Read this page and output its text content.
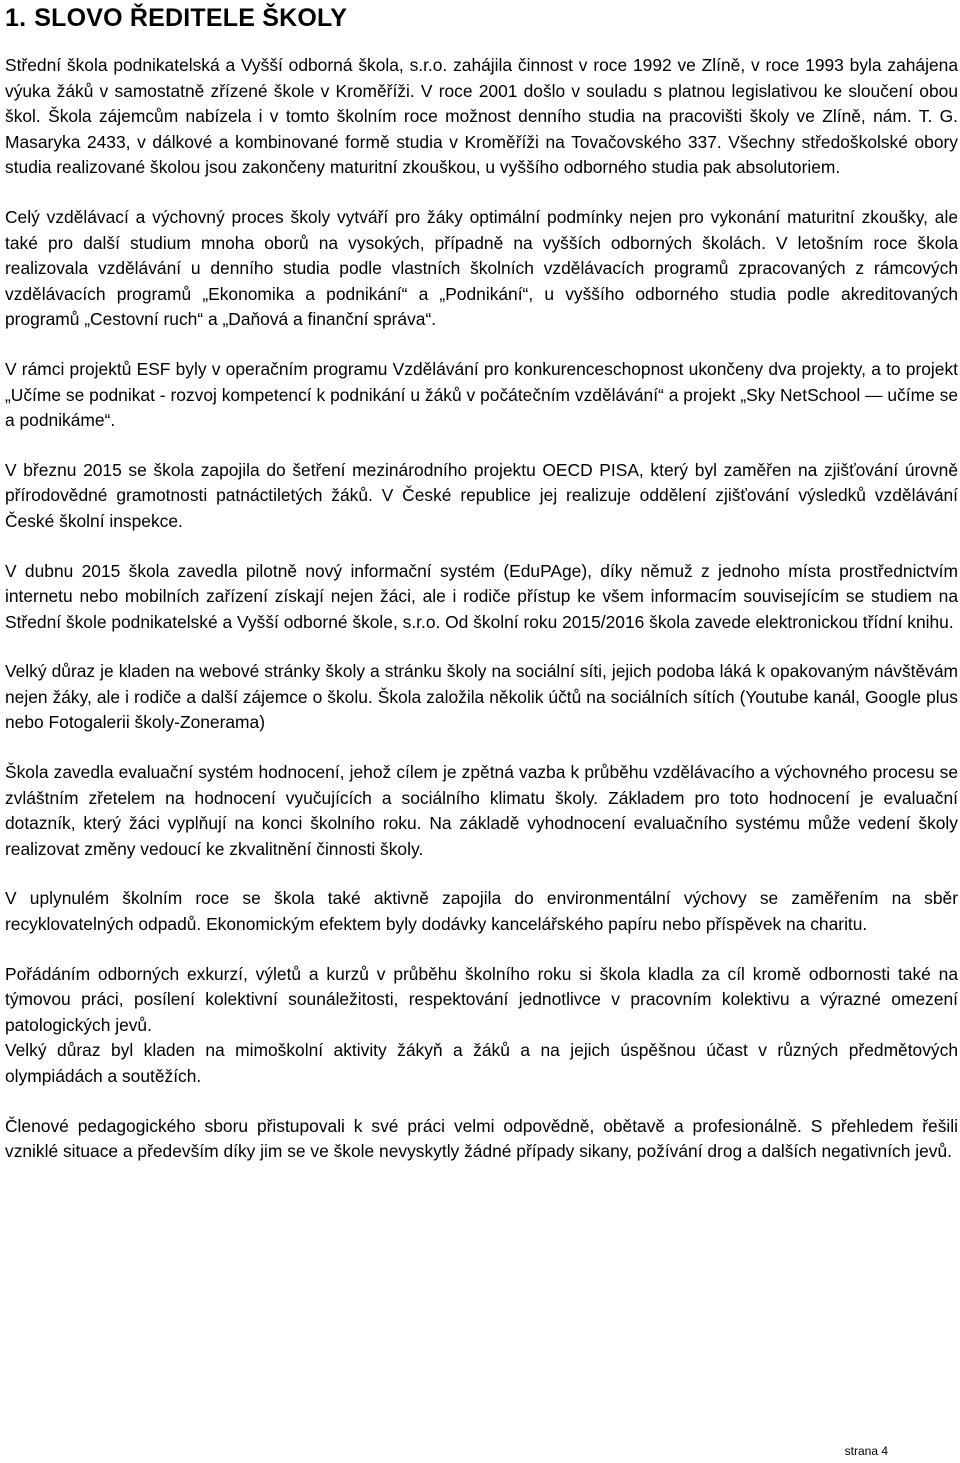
1. SLOVO ŘEDITELE ŠKOLY

Střední škola podnikatelská a Vyšší odborná škola, s.r.o. zahájila činnost v roce 1992 ve Zlíně, v roce 1993 byla zahájena výuka žáků v samostatně zřízené škole v Kroměříži. V roce 2001 došlo v souladu s platnou legislativou ke sloučení obou škol. Škola zájemcům nabízela i v tomto školním roce možnost denního studia na pracovišti školy ve Zlíně, nám. T. G. Masaryka 2433, v dálkové a kombinované formě studia v Kroměříži na Tovačovského 337. Všechny středoškolské obory studia realizované školou jsou zakončeny maturitní zkouškou, u vyššího odborného studia pak absolutoriem.

Celý vzdělávací a výchovný proces školy vytváří pro žáky optimální podmínky nejen pro vykonání maturitní zkoušky, ale také pro další studium mnoha oborů na vysokých, případně na vyšších odborných školách. V letošním roce škola realizovala vzdělávání u denního studia podle vlastních školních vzdělávacích programů zpracovaných z rámcových vzdělávacích programů „Ekonomika a podnikání“ a „Podnikání“, u vyššího odborného studia podle akreditovaných programů „Cestovní ruch“ a „Daňová a finanční správa“.

V rámci projektů ESF byly v operačním programu Vzdělávání pro konkurenceschopnost ukončeny dva projekty, a to projekt „Učíme se podnikat - rozvoj kompetencí k podnikání u žáků v počátečním vzdělávání“ a projekt „Sky NetSchool — učíme se a podnikáme“.

V březnu 2015 se škola zapojila do šetření mezinárodního projektu OECD PISA, který byl zaměřen na zjišťování úrovně přírodovědné gramotnosti patnáctiletých žáků. V České republice jej realizuje oddělení zjišťování výsledků vzdělávání České školní inspekce.

V dubnu 2015 škola zavedla pilotně nový informační systém (EduPAge), díky němuž z jednoho místa prostřednictvím internetu nebo mobilních zařízení získají nejen žáci, ale i rodiče přístup ke všem informacím souvisejícím se studiem na Střední škole podnikatelské a Vyšší odborné škole, s.r.o. Od školní roku 2015/2016 škola zavede elektronickou třídní knihu.

Velký důraz je kladen na webové stránky školy a stránku školy na sociální síti, jejich podoba láká k opakovaným návštěvám nejen žáky, ale i rodiče a další zájemce o školu. Škola založila několik účtů na sociálních sítích (Youtube kanál, Google plus nebo Fotogalerii školy-Zonerama)

Škola zavedla evaluační systém hodnocení, jehož cílem je zpětná vazba k průběhu vzdělávacího a výchovného procesu se zvláštním zřetelem na hodnocení vyučujících a sociálního klimatu školy. Základem pro toto hodnocení je evaluační dotazník, který žáci vyplňují na konci školního roku. Na základě vyhodnocení evaluačního systému může vedení školy realizovat změny vedoucí ke zkvalitnění činnosti školy.

V uplynulém školním roce se škola také aktivně zapojila do environmentální výchovy se zaměřením na sběr recyklovatelných odpadů. Ekonomickým efektem byly dodávky kancelářského papíru nebo příspěvek na charitu.

Pořádáním odborných exkurzí, výletů a kurzů v průběhu školního roku si škola kladla za cíl kromě odbornosti také na týmovou práci, posílení kolektivní sounáležitosti, respektování jednotlivce v pracovním kolektivu a výrazné omezení patologických jevů.

Velký důraz byl kladen na mimoškolní aktivity žákyň a žáků a na jejich úspěšnou účast v různých předmětových olympiádách a soutěžích.

Členové pedagogického sboru přistupovali k své práci velmi odpovědně, obětavě a profesionálně. S přehledem řešili vzniklé situace a především díky jim se ve škole nevyskytly žádné případy sikany, požívání drog a dalších negativních jevů.

strana 4
